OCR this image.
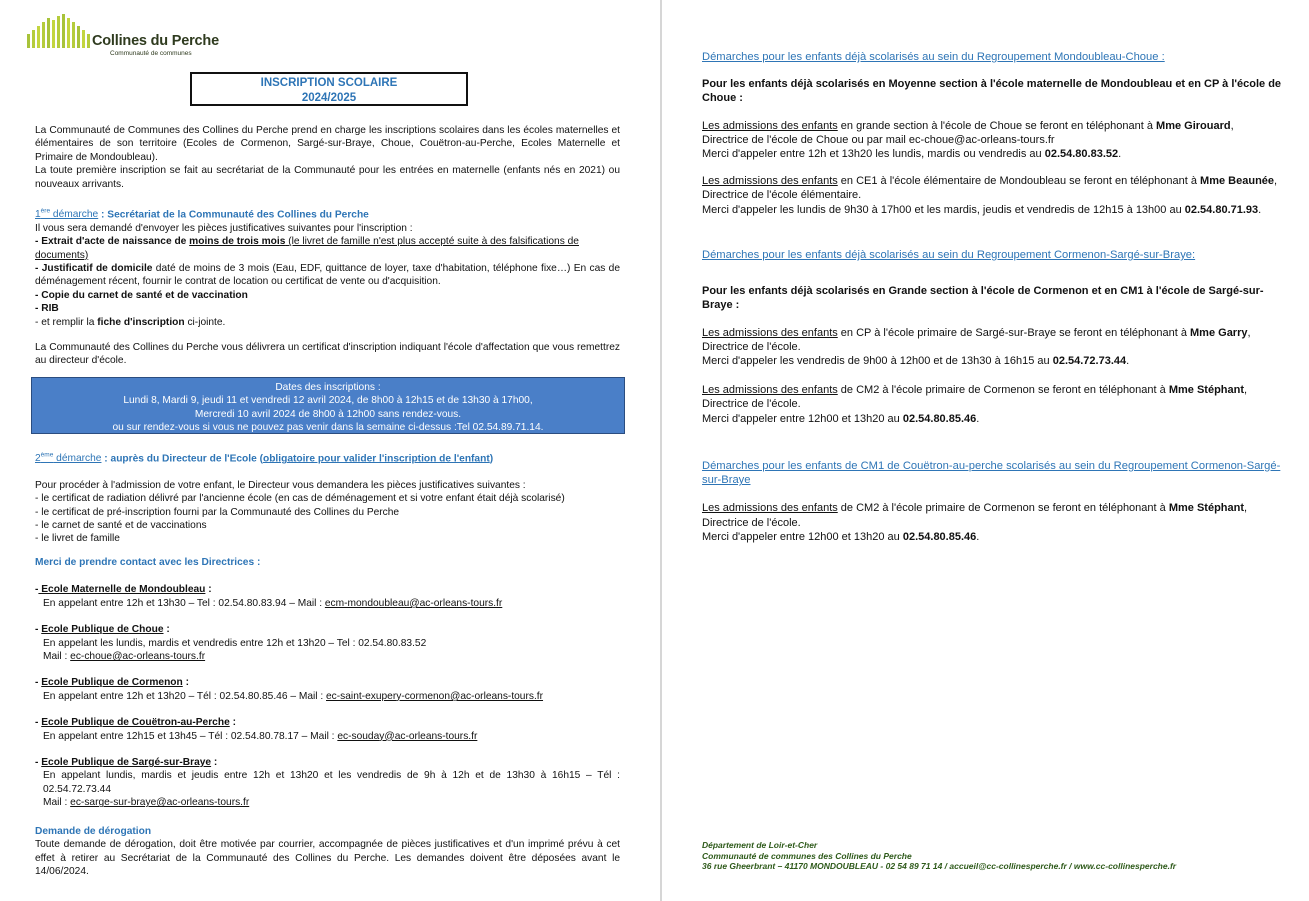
Collines du Perche
Communauté de communes
INSCRIPTION SCOLAIRE
2024/2025
La Communauté de Communes des Collines du Perche prend en charge les inscriptions scolaires dans les écoles maternelles et élémentaires de son territoire (Ecoles de Cormenon, Sargé-sur-Braye, Choue, Couëtron-au-Perche, Ecoles Maternelle et Primaire de Mondoubleau).
La toute première inscription se fait au secrétariat de la Communauté pour les entrées en maternelle (enfants nés en 2021) ou nouveaux arrivants.
1ère démarche : Secrétariat de la Communauté des Collines du Perche
Il vous sera demandé d'envoyer les pièces justificatives suivantes pour l'inscription :
- Extrait d'acte de naissance de moins de trois mois (le livret de famille n'est plus accepté suite à des falsifications de documents)
- Justificatif de domicile daté de moins de 3 mois (Eau, EDF, quittance de loyer, taxe d'habitation, téléphone fixe…) En cas de déménagement récent, fournir le contrat de location ou certificat de vente ou d'acquisition.
- Copie du carnet de santé et de vaccination
- RIB
- et remplir la fiche d'inscription ci-jointe.
La Communauté des Collines du Perche vous délivrera un certificat d'inscription indiquant l'école d'affectation que vous remettrez au directeur d'école.
Dates des inscriptions :
Lundi 8, Mardi 9, jeudi 11 et vendredi 12 avril 2024, de 8h00 à 12h15 et de 13h30 à 17h00,
Mercredi 10 avril 2024 de 8h00 à 12h00 sans rendez-vous.
ou sur rendez-vous si vous ne pouvez pas venir dans la semaine ci-dessus :Tel 02.54.89.71.14.
2ème démarche : auprès du Directeur de l'Ecole (obligatoire pour valider l'inscription de l'enfant)
Pour procéder à l'admission de votre enfant, le Directeur vous demandera les pièces justificatives suivantes :
- le certificat de radiation délivré par l'ancienne école (en cas de déménagement et si votre enfant était déjà scolarisé)
- le certificat de pré-inscription fourni par la Communauté des Collines du Perche
- le carnet de santé et de vaccinations
- le livret de famille
Merci de prendre contact avec les Directrices :
- Ecole Maternelle de Mondoubleau :
En appelant entre 12h et 13h30 – Tel : 02.54.80.83.94 – Mail : ecm-mondoubleau@ac-orleans-tours.fr
- Ecole Publique de Choue :
En appelant les lundis, mardis et vendredis entre 12h et 13h20 – Tel : 02.54.80.83.52
Mail : ec-choue@ac-orleans-tours.fr
- Ecole Publique de Cormenon :
En appelant entre 12h et 13h20 – Tél : 02.54.80.85.46 – Mail : ec-saint-exupery-cormenon@ac-orleans-tours.fr
- Ecole Publique de Couëtron-au-Perche :
En appelant entre 12h15 et 13h45 – Tél : 02.54.80.78.17 – Mail : ec-souday@ac-orleans-tours.fr
- Ecole Publique de Sargé-sur-Braye :
En appelant lundis, mardis et jeudis entre 12h et 13h20 et les vendredis de 9h à 12h et de 13h30 à 16h15 – Tél : 02.54.72.73.44
Mail : ec-sarge-sur-braye@ac-orleans-tours.fr
Demande de dérogation
Toute demande de dérogation, doit être motivée par courrier, accompagnée de pièces justificatives et d'un imprimé prévu à cet effet à retirer au Secrétariat de la Communauté des Collines du Perche. Les demandes doivent être déposées avant le 14/06/2024.
Démarches pour les enfants déjà scolarisés au sein du Regroupement Mondoubleau-Choue :
Pour les enfants déjà scolarisés en Moyenne section à l'école maternelle de Mondoubleau et en CP à l'école de Choue :
Les admissions des enfants en grande section à l'école de Choue se feront en téléphonant à Mme Girouard,
Directrice de l'école de Choue ou par mail ec-choue@ac-orleans-tours.fr
Merci d'appeler entre 12h et 13h20 les lundis, mardis ou vendredis au 02.54.80.83.52.
Les admissions des enfants en CE1 à l'école élémentaire de Mondoubleau se feront en téléphonant à Mme Beaunée, Directrice de l'école élémentaire.
Merci d'appeler les lundis de 9h30 à 17h00 et les mardis, jeudis et vendredis de 12h15 à 13h00 au 02.54.80.71.93.
Démarches pour les enfants déjà scolarisés au sein du Regroupement Cormenon-Sargé-sur-Braye:
Pour les enfants déjà scolarisés en Grande section à l'école de Cormenon et en CM1 à l'école de Sargé-sur-Braye :
Les admissions des enfants en CP à l'école primaire de Sargé-sur-Braye se feront en téléphonant à Mme Garry,
Directrice de l'école.
Merci d'appeler les vendredis de 9h00 à 12h00 et de 13h30 à 16h15 au 02.54.72.73.44.
Les admissions des enfants de CM2 à l'école primaire de Cormenon se feront en téléphonant à Mme Stéphant,
Directrice de l'école.
Merci d'appeler entre 12h00 et 13h20 au 02.54.80.85.46.
Démarches pour les enfants de CM1 de Couëtron-au-perche scolarisés au sein du Regroupement Cormenon-Sargé-sur-Braye
Les admissions des enfants de CM2 à l'école primaire de Cormenon se feront en téléphonant à Mme Stéphant,
Directrice de l'école.
Merci d'appeler entre 12h00 et 13h20 au 02.54.80.85.46.
Département de Loir-et-Cher
Communauté de communes des Collines du Perche
36 rue Gheerbrant – 41170 MONDOUBLEAU - 02 54 89 71 14 / accueil@cc-collinesperche.fr / www.cc-collinesperche.fr
